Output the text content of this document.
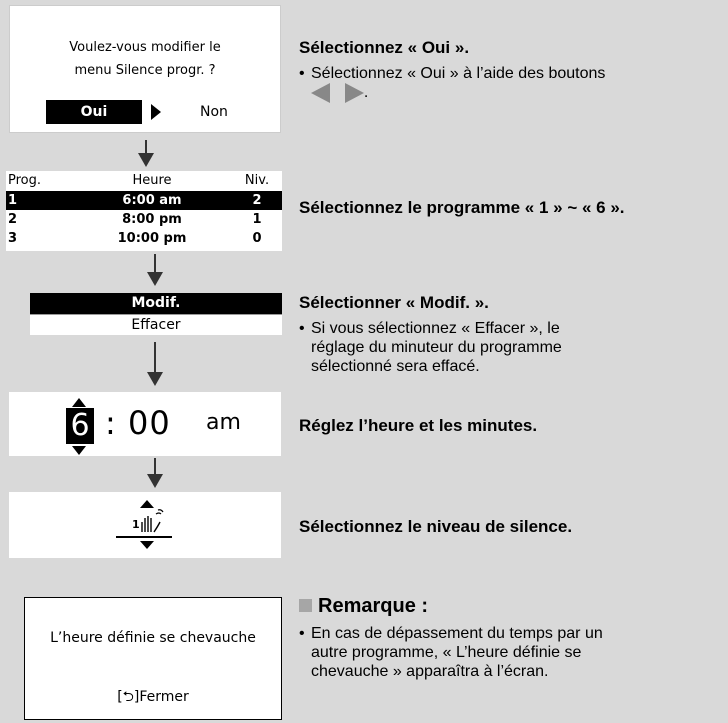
Voulez-vous modifier le
menu Silence progr. ?
Oui	Non
Sélectionnez « Oui ».
• Sélectionnez « Oui » à l’aide des boutons
.
Prog.	Heure	Niv.
1	6:00 am	2
2	8:00 pm	1
3	10:00 pm	0
Sélectionnez le programme « 1 » ~ « 6 ».
Modif.
Effacer
Sélectionner « Modif. ».
• Si vous sélectionnez « Effacer », le
réglage du minuteur du programme
sélectionné sera effacé.
6 : 00 am	Réglez l’heure et les minutes.
1	Sélectionnez le niveau de silence.
L’heure définie se chevauche
[⮌]Fermer
Remarque :
• En cas de dépassement du temps par un
autre programme, « L’heure définie se
chevauche » apparaîtra à l’écran.
